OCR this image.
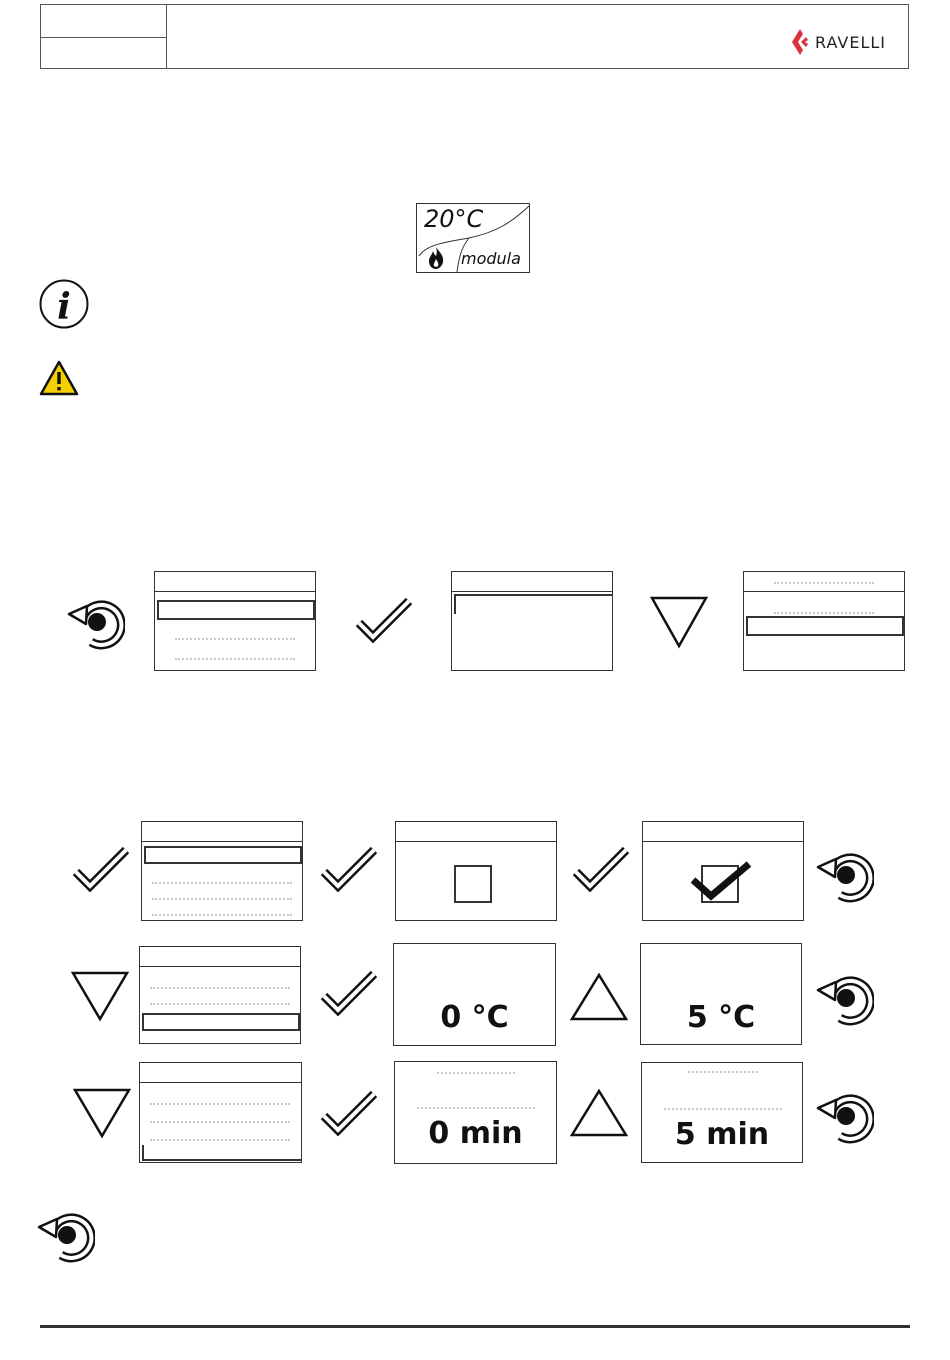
RAVELLI
20°C
modula
i
0 °C	5 °C
0 min	5 min
